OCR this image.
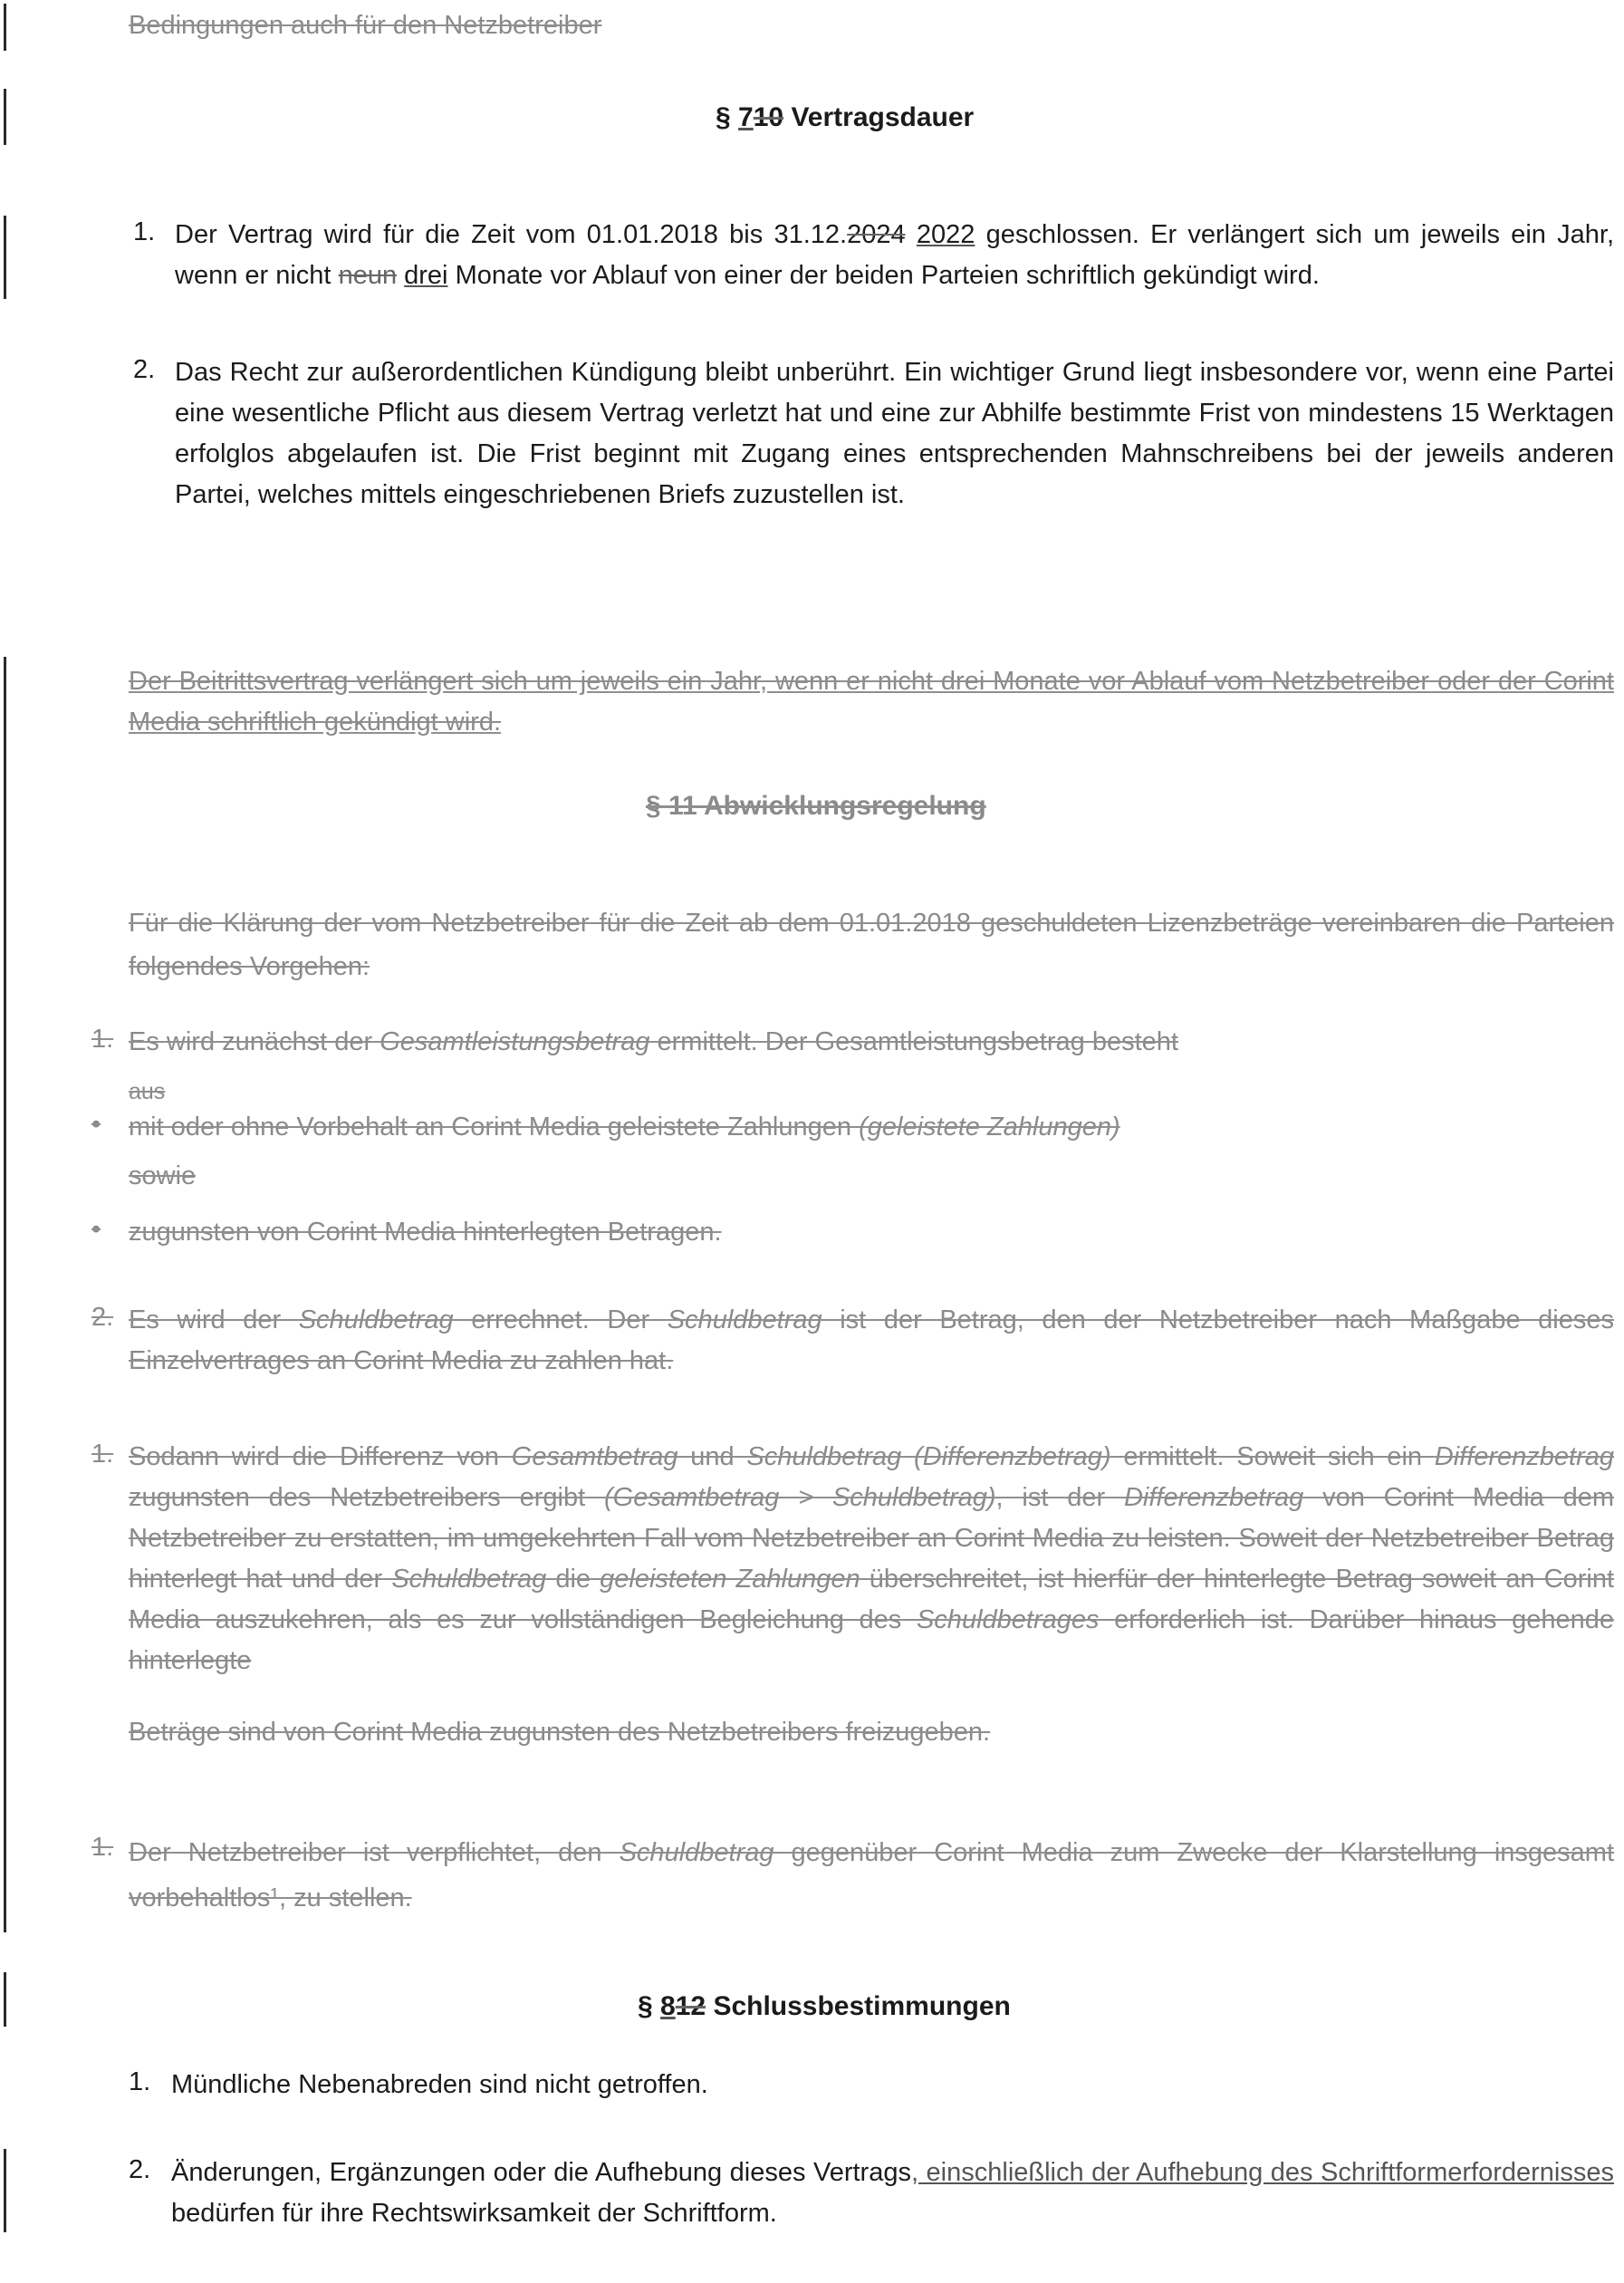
Bedingungen auch für den Netzbetreiber
§ 710 Vertragsdauer
1. Der Vertrag wird für die Zeit vom 01.01.2018 bis 31.12.2024 2022 geschlossen. Er verlängert sich um jeweils ein Jahr, wenn er nicht neun drei Monate vor Ablauf von einer der beiden Parteien schriftlich gekündigt wird.
2. Das Recht zur außerordentlichen Kündigung bleibt unberührt. Ein wichtiger Grund liegt insbesondere vor, wenn eine Partei eine wesentliche Pflicht aus diesem Vertrag verletzt hat und eine zur Abhilfe bestimmte Frist von mindestens 15 Werktagen erfolglos abgelaufen ist. Die Frist beginnt mit Zugang eines entsprechenden Mahnschreibens bei der jeweils anderen Partei, welches mittels eingeschriebenen Briefs zuzustellen ist.
Der Beitrittsvertrag verlängert sich um jeweils ein Jahr, wenn er nicht drei Monate vor Ablauf vom Netzbetreiber oder der Corint Media schriftlich gekündigt wird.
§ 11 Abwicklungsregelung
Für die Klärung der vom Netzbetreiber für die Zeit ab dem 01.01.2018 geschuldeten Lizenzbeträge vereinbaren die Parteien folgendes Vorgehen:
1. Es wird zunächst der Gesamtleistungsbetrag ermittelt. Der Gesamtleistungsbetrag besteht
aus
• mit oder ohne Vorbehalt an Corint Media geleistete Zahlungen (geleistete Zahlungen)
sowie
• zugunsten von Corint Media hinterlegten Betragen.
2. Es wird der Schuldbetrag errechnet. Der Schuldbetrag ist der Betrag, den der Netzbetreiber nach Maßgabe dieses Einzelvertrages an Corint Media zu zahlen hat.
1. Sodann wird die Differenz von Gesamtbetrag und Schuldbetrag (Differenzbetrag) ermittelt. Soweit sich ein Differenzbetrag zugunsten des Netzbetreibers ergibt (Gesamtbetrag > Schuldbetrag), ist der Differenzbetrag von Corint Media dem Netzbetreiber zu erstatten, im umgekehrten Fall vom Netzbetreiber an Corint Media zu leisten. Soweit der Netzbetreiber Betrag hinterlegt hat und der Schuldbetrag die geleisteten Zahlungen überschreitet, ist hierfür der hinterlegte Betrag soweit an Corint Media auszukehren, als es zur vollständigen Begleichung des Schuldbetrages erforderlich ist. Darüber hinaus gehende hinterlegte
Beträge sind von Corint Media zugunsten des Netzbetreibers freizugeben.
1. Der Netzbetreiber ist verpflichtet, den Schuldbetrag gegenüber Corint Media zum Zwecke der Klarstellung insgesamt vorbehaltlos¹, zu stellen.
§ 812 Schlussbestimmungen
1. Mündliche Nebenabreden sind nicht getroffen.
2. Änderungen, Ergänzungen oder die Aufhebung dieses Vertrags, einschließlich der Aufhebung des Schriftformerfordernisses bedürfen für ihre Rechtswirksamkeit der Schriftform.
